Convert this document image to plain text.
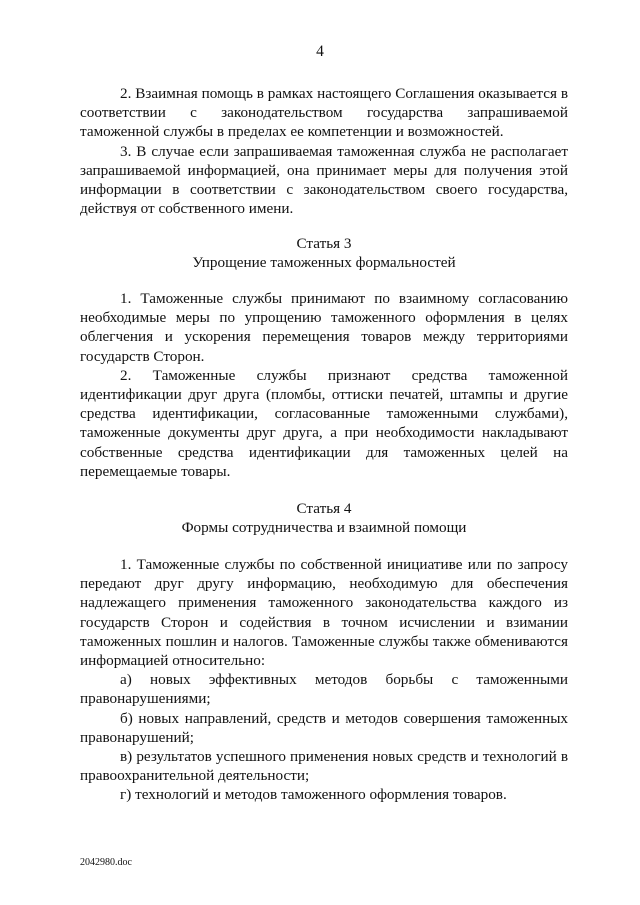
4

2. Взаимная помощь в рамках настоящего Соглашения оказывается в соответствии с законодательством государства запрашиваемой таможенной службы в пределах ее компетенции и возможностей.

3. В случае если запрашиваемая таможенная служба не располагает запрашиваемой информацией, она принимает меры для получения этой информации в соответствии с законодательством своего государства, действуя от собственного имени.

Статья 3

Упрощение таможенных формальностей

1. Таможенные службы принимают по взаимному согласованию необходимые меры по упрощению таможенного оформления в целях облегчения и ускорения перемещения товаров между территориями государств Сторон.

2. Таможенные службы признают средства таможенной идентификации друг друга (пломбы, оттиски печатей, штампы и другие средства идентификации, согласованные таможенными службами), таможенные документы друг друга, а при необходимости накладывают собственные средства идентификации для таможенных целей на перемещаемые товары.

Статья 4

Формы сотрудничества и взаимной помощи

1. Таможенные службы по собственной инициативе или по запросу передают друг другу информацию, необходимую для обеспечения надлежащего применения таможенного законодательства каждого из государств Сторон и содействия в точном исчислении и взимании таможенных пошлин и налогов. Таможенные службы также обмениваются информацией относительно:

а) новых эффективных методов борьбы с таможенными правонарушениями;

б) новых направлений, средств и методов совершения таможенных правонарушений;

в) результатов успешного применения новых средств и технологий в правоохранительной деятельности;

г) технологий и методов таможенного оформления товаров.

2042980.doc
